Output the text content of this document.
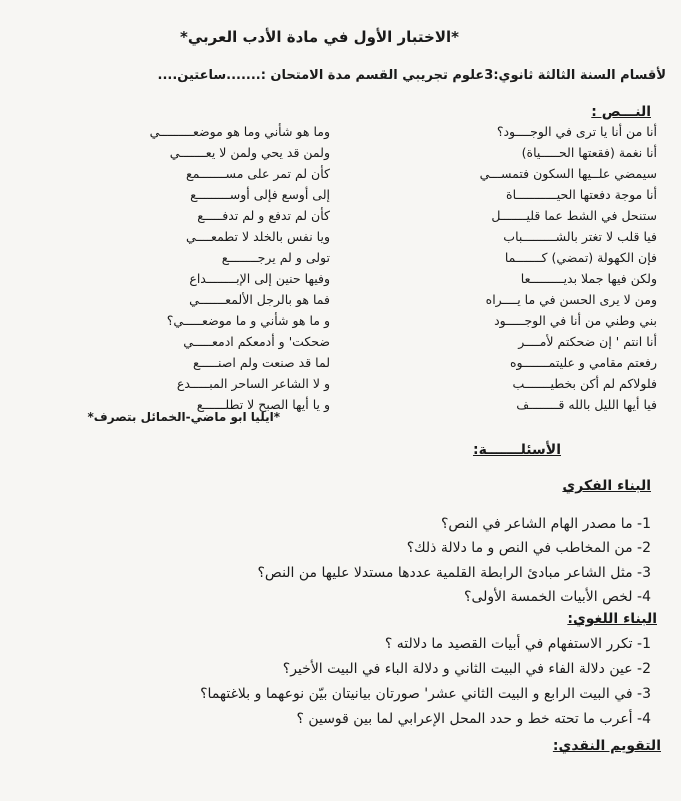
*الاختبار الأول في مادة الأدب العربي*
لأقسام السنة الثالثة ثانوي:3علوم تجريبي القسم مدة الامتحان :.......ساعتين....
النـــص :
أنا من أنا يا ترى في الوجــــود؟
أنا نغمة (فقعتها الحـــــياة)
سيمضي علــيها السكون فتمســـي
أنا موجة دفعتها الحيـــــــــــاة
ستنحل في الشط عما قليـــــــل
فيا قلب لا تغتر بالشـــــــــباب
فإن الكهولة (تمضي) كـــــــما
ولكن فيها جملا بديـــــــــعا
ومن لا يرى الحسن في ما يــــراه
بني وطني من أنا في الوجـــــود
أنا انتم ' إن ضحكتم لأمــــر
رفعتم مقامي و عليتمـــــــوه
فلولاكم لم أكن بخطيـــــــب
فيا أيها الليل بالله قــــــــف
وما هو شأني وما هو موضعـــــــــي
ولمن قد يحي ولمن لا يعـــــــي
كأن لم تمر على مســـــــمع
إلى أوسع فإلى أوســـــــــع
كأن لم تدفع و لم تدفـــــع
ويا نفس بالخلد لا تطمعــــي
تولى و لم يرجــــــــع
وفيها حنين إلى الإبــــــــداع
فما هو بالرجل الألمعـــــــي
و ما هو شأني و ما موضعـــــي؟
ضحكت' و أدمعكم ادمعـــــي
لما قد صنعت ولم اصنـــــع
و لا الشاعر الساحر المبـــــدع
و يا أيها الصبح لا تطلــــــع
*ايليا ابو ماضي-الخمائل بتصرف*
الأسئلـــــــة:
البناء الفكري
1- ما مصدر الهام الشاعر في النص؟
2- من المخاطب في النص و ما دلالة ذلك؟
3- مثل الشاعر مبادئ الرابطة القلمية عددها مستدلا عليها من النص؟
4- لخص الأبيات الخمسة الأولى؟
البناء اللغوي:
1- تكرر الاستفهام في أبيات القصيد ما دلالته ؟
2- عين دلالة الفاء في البيت الثاني و دلالة الباء في البيت الأخير؟
3- في البيت الرابع و البيت الثاني عشر' صورتان بيانيتان بيّن نوعهما و بلاغتهما؟
4- أعرب ما تحته خط و حدد المحل الإعرابي لما بين قوسين ؟
التقويم النقدي:
